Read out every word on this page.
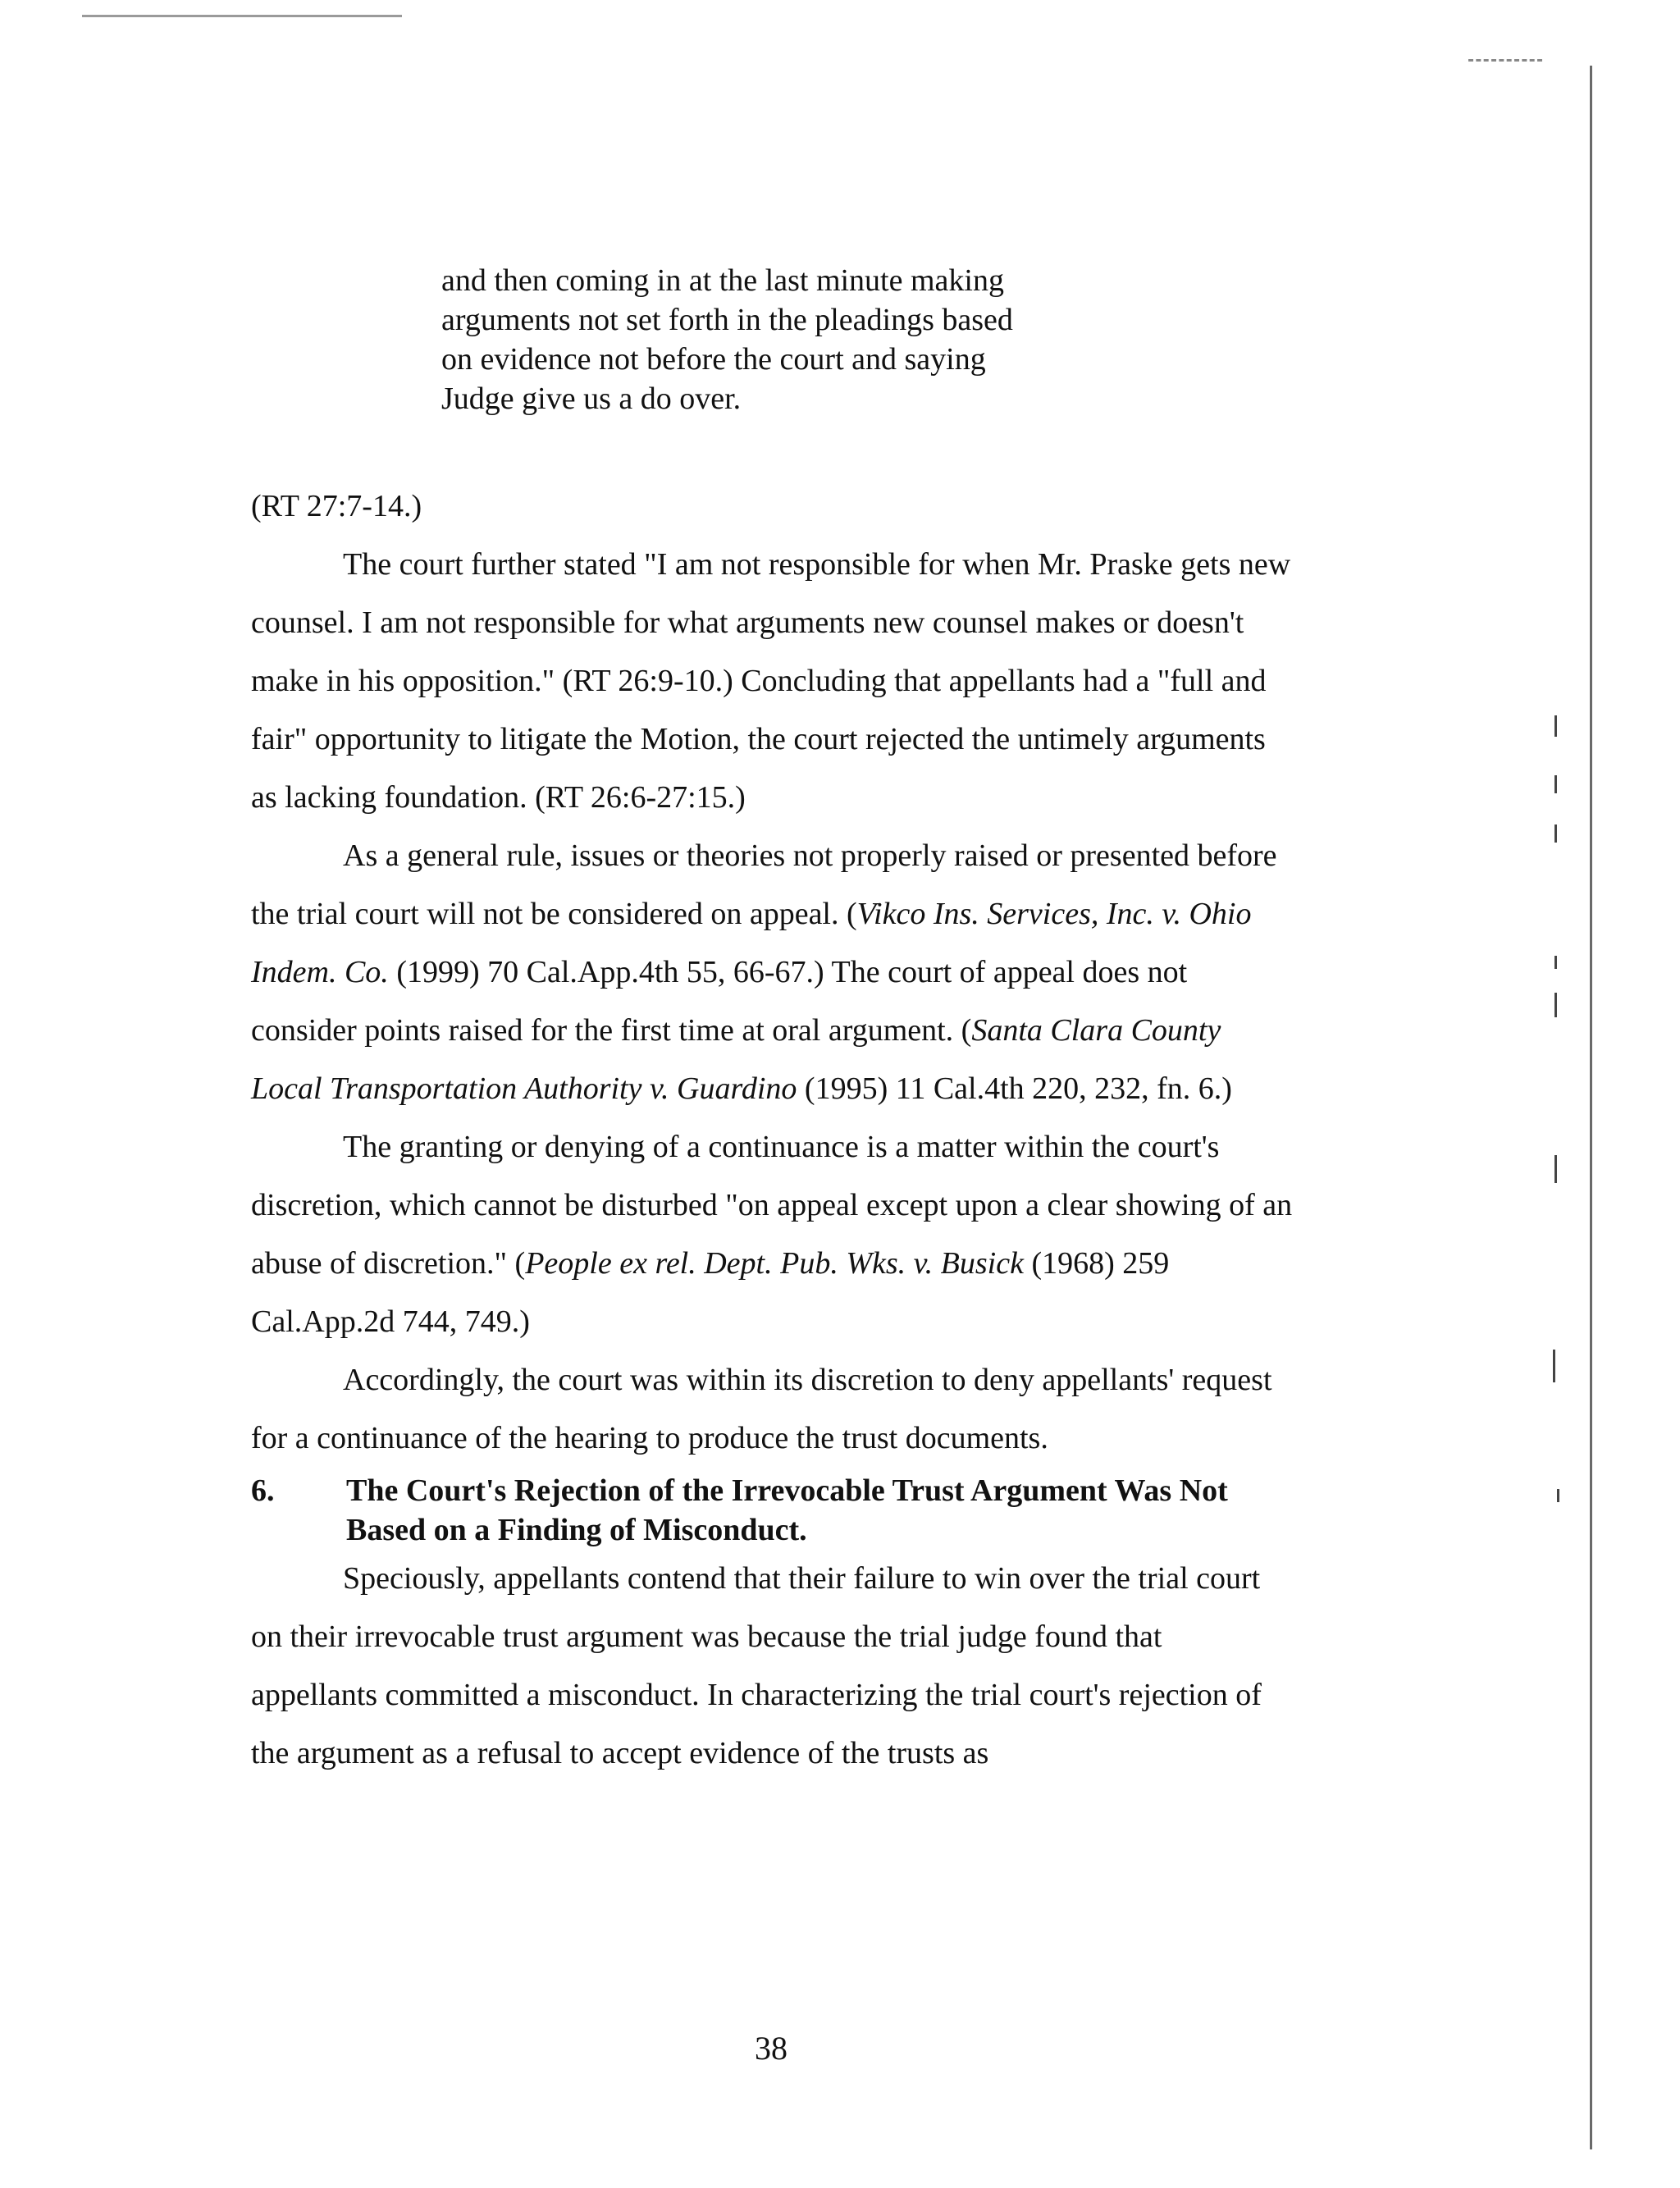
and then coming in at the last minute making

arguments not set forth in the pleadings based

on evidence not before the court and saying

Judge give us a do over.

(RT 27:7-14.)

The court further stated "I am not responsible for when Mr. Praske gets new counsel. I am not responsible for what arguments new counsel makes or doesn't make in his opposition." (RT 26:9-10.) Concluding that appellants had a "full and fair" opportunity to litigate the Motion, the court rejected the untimely arguments as lacking foundation. (RT 26:6-27:15.)

As a general rule, issues or theories not properly raised or presented before the trial court will not be considered on appeal. (Vikco Ins. Services, Inc. v. Ohio Indem. Co. (1999) 70 Cal.App.4th 55, 66-67.) The court of appeal does not consider points raised for the first time at oral argument. (Santa Clara County Local Transportation Authority v. Guardino (1995) 11 Cal.4th 220, 232, fn. 6.)

The granting or denying of a continuance is a matter within the court's discretion, which cannot be disturbed "on appeal except upon a clear showing of an abuse of discretion." (People ex rel. Dept. Pub. Wks. v. Busick (1968) 259 Cal.App.2d 744, 749.)

Accordingly, the court was within its discretion to deny appellants' request for a continuance of the hearing to produce the trust documents.

6.	The Court's Rejection of the Irrevocable Trust Argument Was Not Based on a Finding of Misconduct.

Speciously, appellants contend that their failure to win over the trial court on their irrevocable trust argument was because the trial judge found that appellants committed a misconduct. In characterizing the trial court's rejection of the argument as a refusal to accept evidence of the trusts as

38
